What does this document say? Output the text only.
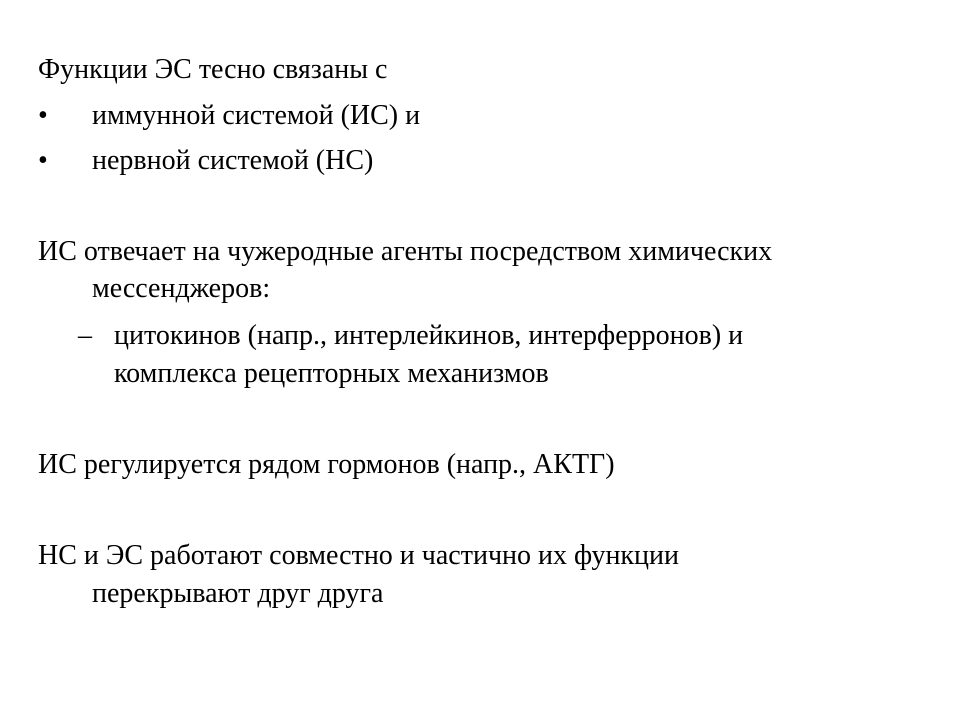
Функции ЭС тесно связаны с
• иммунной системой (ИС) и
• нервной системой (НС)
ИС отвечает на чужеродные агенты посредством химических
мессенджеров:
– цитокинов (напр., интерлейкинов, интерферронов) и
комплекса рецепторных механизмов
ИС регулируется рядом гормонов (напр., АКТГ)
НС и ЭС работают совместно и частично их функции
перекрывают друг друга
